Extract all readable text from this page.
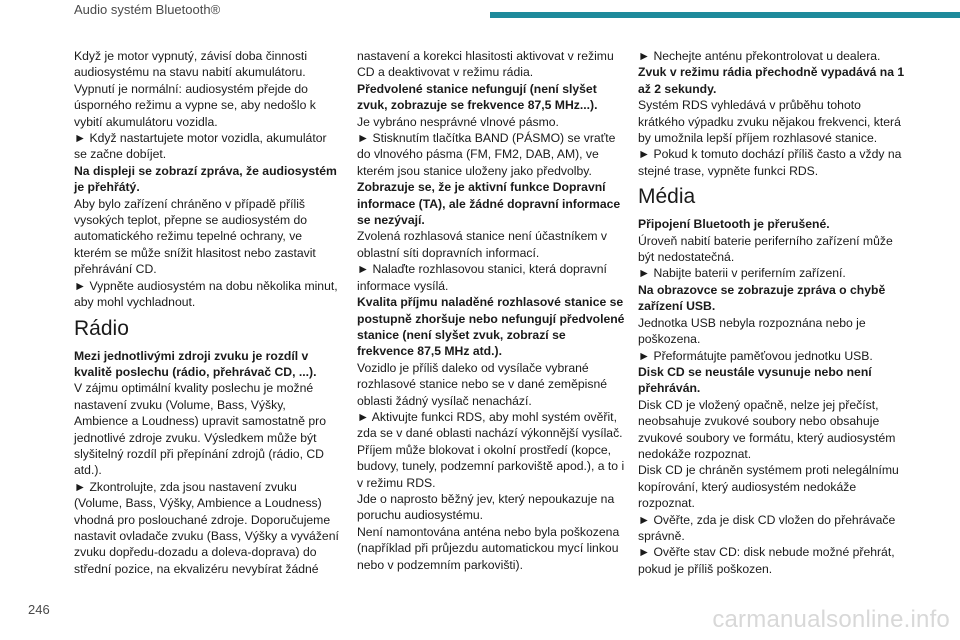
Audio systém Bluetooth®

Když je motor vypnutý, závisí doba činnosti audiosystému na stavu nabití akumulátoru. Vypnutí je normální: audiosystém přejde do úsporného režimu a vypne se, aby nedošlo k vybití akumulátoru vozidla.

► Když nastartujete motor vozidla, akumulátor se začne dobíjet.

Na displeji se zobrazí zpráva, že audiosystém je přehřátý.

Aby bylo zařízení chráněno v případě příliš vysokých teplot, přepne se audiosystém do automatického režimu tepelné ochrany, ve kterém se může snížit hlasitost nebo zastavit přehrávání CD.

► Vypněte audiosystém na dobu několika minut, aby mohl vychladnout.

Rádio

Mezi jednotlivými zdroji zvuku je rozdíl v kvalitě poslechu (rádio, přehrávač CD, ...).

V zájmu optimální kvality poslechu je možné nastavení zvuku (Volume, Bass, Výšky, Ambience a Loudness) upravit samostatně pro jednotlivé zdroje zvuku. Výsledkem může být slyšitelný rozdíl při přepínání zdrojů (rádio, CD atd.).

► Zkontrolujte, zda jsou nastavení zvuku (Volume, Bass, Výšky, Ambience a Loudness) vhodná pro poslouchané zdroje. Doporučujeme nastavit ovladače zvuku (Bass, Výšky a vyvážení zvuku dopředu-dozadu a doleva-doprava) do střední pozice, na ekvalizéru nevybírat žádné

nastavení a korekci hlasitosti aktivovat v režimu CD a deaktivovat v režimu rádia.

Předvolené stanice nefungují (není slyšet zvuk, zobrazuje se frekvence 87,5 MHz...).

Je vybráno nesprávné vlnové pásmo.

► Stisknutím tlačítka BAND (PÁSMO) se vraťte do vlnového pásma (FM, FM2, DAB, AM), ve kterém jsou stanice uloženy jako předvolby.

Zobrazuje se, že je aktivní funkce Dopravní informace (TA), ale žádné dopravní informace se nezývají.

Zvolená rozhlasová stanice není účastníkem v oblastní síti dopravních informací.

► Nalaďte rozhlasovou stanici, která dopravní informace vysílá.

Kvalita příjmu naladěné rozhlasové stanice se postupně zhoršuje nebo nefungují předvolené stanice (není slyšet zvuk, zobrazí se frekvence 87,5 MHz atd.).

Vozidlo je příliš daleko od vysílače vybrané rozhlasové stanice nebo se v dané zeměpisné oblasti žádný vysílač nenachází.

► Aktivujte funkci RDS, aby mohl systém ověřit, zda se v dané oblasti nachází výkonnější vysílač.

Příjem může blokovat i okolní prostředí (kopce, budovy, tunely, podzemní parkoviště apod.), a to i v režimu RDS.

Jde o naprosto běžný jev, který nepoukazuje na poruchu audiosystému.

Není namontována anténa nebo byla poškozena (například při průjezdu automatickou mycí linkou nebo v podzemním parkovišti).

► Nechejte anténu překontrolovat u dealera.

Zvuk v režimu rádia přechodně vypadává na 1 až 2 sekundy.

Systém RDS vyhledává v průběhu tohoto krátkého výpadku zvuku nějakou frekvenci, která by umožnila lepší příjem rozhlasové stanice.

► Pokud k tomuto dochází příliš často a vždy na stejné trase, vypněte funkci RDS.

Média

Připojení Bluetooth je přerušené.

Úroveň nabití baterie periferního zařízení může být nedostatečná.

► Nabijte baterii v periferním zařízení.

Na obrazovce se zobrazuje zpráva o chybě zařízení USB.

Jednotka USB nebyla rozpoznána nebo je poškozena.

► Přeformátujte paměťovou jednotku USB.

Disk CD se neustále vysunuje nebo není přehráván.

Disk CD je vložený opačně, nelze jej přečíst, neobsahuje zvukové soubory nebo obsahuje zvukové soubory ve formátu, který audiosystém nedokáže rozpoznat.

Disk CD je chráněn systémem proti nelegálnímu kopírování, který audiosystém nedokáže rozpoznat.

► Ověřte, zda je disk CD vložen do přehrávače správně.

► Ověřte stav CD: disk nebude možné přehrát, pokud je příliš poškozen.

246	carmanualsonline.info
